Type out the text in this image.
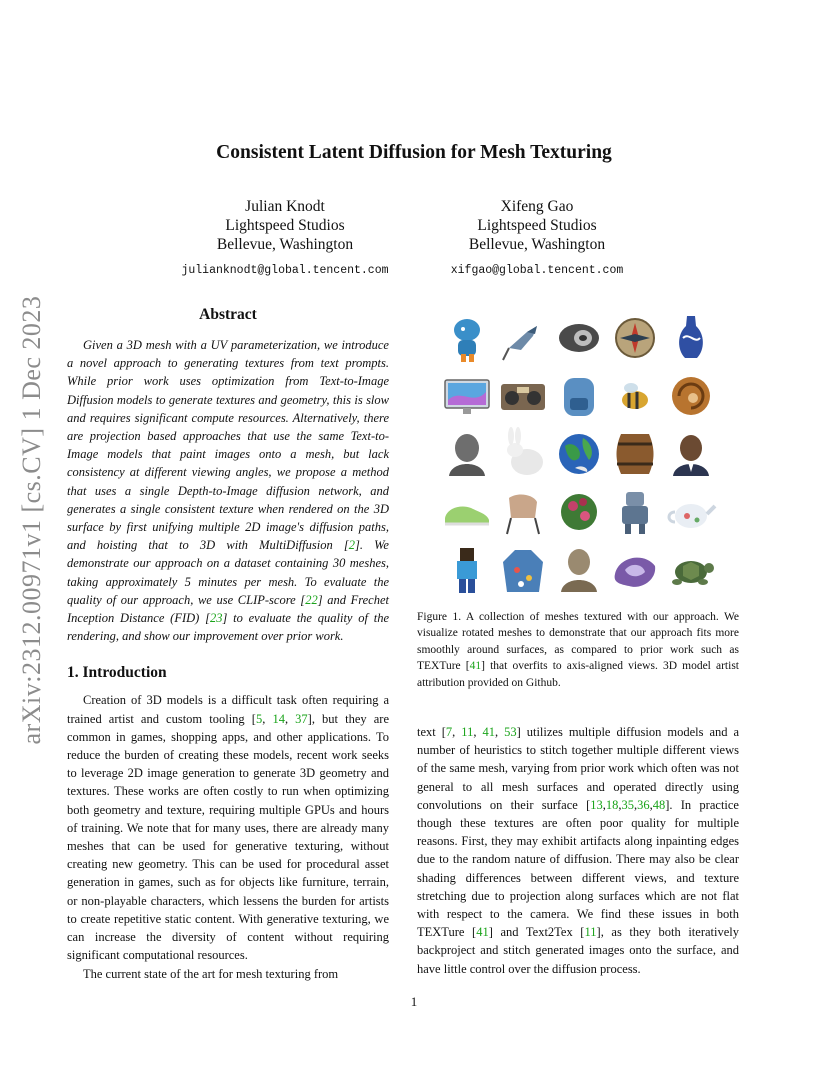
arXiv:2312.00971v1 [cs.CV] 1 Dec 2023
Consistent Latent Diffusion for Mesh Texturing
Julian Knodt
Lightspeed Studios
Bellevue, Washington
julianknodt@global.tencent.com
Xifeng Gao
Lightspeed Studios
Bellevue, Washington
xifgao@global.tencent.com
Abstract

Given a 3D mesh with a UV parameterization, we introduce a novel approach to generating textures from text prompts. While prior work uses optimization from Text-to-Image Diffusion models to generate textures and geometry, this is slow and requires significant compute resources. Alternatively, there are projection based approaches that use the same Text-to-Image models that paint images onto a mesh, but lack consistency at different viewing angles, we propose a method that uses a single Depth-to-Image diffusion network, and generates a single consistent texture when rendered on the 3D surface by first unifying multiple 2D image's diffusion paths, and hoisting that to 3D with MultiDiffusion [2]. We demonstrate our approach on a dataset containing 30 meshes, taking approximately 5 minutes per mesh. To evaluate the quality of our approach, we use CLIP-score [22] and Frechet Inception Distance (FID) [23] to evaluate the quality of the rendering, and show our improvement over prior work.

1. Introduction

Creation of 3D models is a difficult task often requiring a trained artist and custom tooling [5, 14, 37], but they are common in games, shopping apps, and other applications. To reduce the burden of creating these models, recent work seeks to leverage 2D image generation to generate 3D geometry and textures. These works are often costly to run when optimizing both geometry and texture, requiring multiple GPUs and hours of training. We note that for many uses, there are already many meshes that can be used for generative texturing, without creating new geometry. This can be used for procedural asset generation in games, such as for objects like furniture, terrain, or non-playable characters, which lessens the burden for artists to create repetitive static content. With generative texturing, we can increase the diversity of content without requiring significant computational resources.

The current state of the art for mesh texturing from

Figure 1. A collection of meshes textured with our approach. We visualize rotated meshes to demonstrate that our approach fits more smoothly around surfaces, as compared to prior work such as TEXTure [41] that overfits to axis-aligned views. 3D model artist attribution provided on Github.

text [7, 11, 41, 53] utilizes multiple diffusion models and a number of heuristics to stitch together multiple different views of the same mesh, varying from prior work which often was not general to all mesh surfaces and operated directly using convolutions on their surface [13,18,35,36,48]. In practice though these textures are often poor quality for multiple reasons. First, they may exhibit artifacts along inpainting edges due to the random nature of diffusion. There may also be clear shading differences between different views, and texture stretching due to projection along surfaces which are not flat with respect to the camera. We find these issues in both TEXTure [41] and Text2Tex [11], as they both iteratively backproject and stitch generated images onto the surface, and have little control over the diffusion process.

1
